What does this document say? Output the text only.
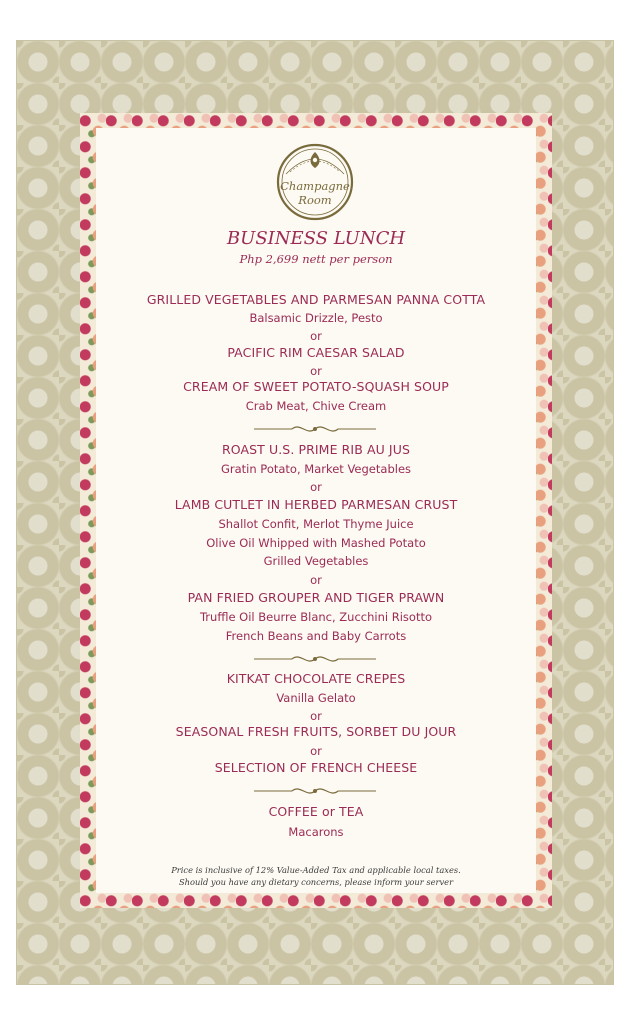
Champagne
Room
BUSINESS LUNCH
Php 2,699 nett per person
GRILLED VEGETABLES AND PARMESAN PANNA COTTA
Balsamic Drizzle, Pesto
or
PACIFIC RIM CAESAR SALAD
or
CREAM OF SWEET POTATO-SQUASH SOUP
Crab Meat, Chive Cream
ROAST U.S. PRIME RIB AU JUS
Gratin Potato, Market Vegetables
or
LAMB CUTLET IN HERBED PARMESAN CRUST
Shallot Confit, Merlot Thyme Juice
Olive Oil Whipped with Mashed Potato
Grilled Vegetables
or
PAN FRIED GROUPER AND TIGER PRAWN
Truffle Oil Beurre Blanc, Zucchini Risotto
French Beans and Baby Carrots
KITKAT CHOCOLATE CREPES
Vanilla Gelato
or
SEASONAL FRESH FRUITS, SORBET DU JOUR
or
SELECTION OF FRENCH CHEESE
COFFEE or TEA
Macarons
Price is inclusive of 12% Value-Added Tax and applicable local taxes.
Should you have any dietary concerns, please inform your server
